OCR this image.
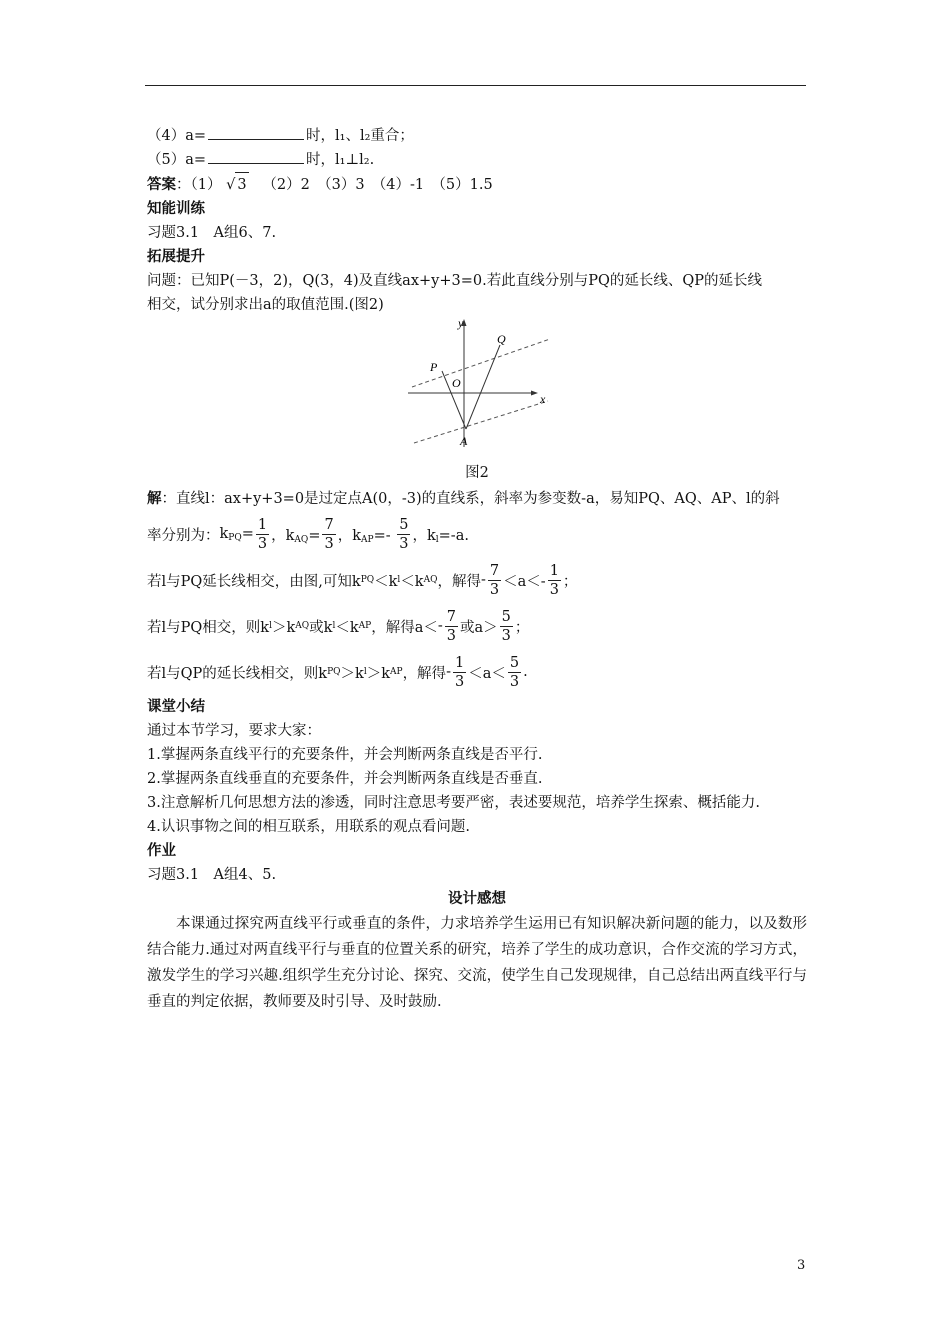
（4）a=	时，l₁、l₂重合；
（5）a=	时，l₁⊥l₂.
答案：（1） √ 3 （2）2　（3）3　（4）-1　（5）1.5
知能训练
习题3.1　A组6、7.
拓展提升
问题：已知P(－3，2)，Q(3，4)及直线ax+y+3=0.若此直线分别与PQ的延长线、QP的延长线
相交，试分别求出a的取值范围.(图2)
y
x
P
Q
O
A
图2
解：直线l：ax+y+3=0是过定点A(0，-3)的直线系，斜率为参变数-a，易知PQ、AQ、AP、l的斜
率分别为： $k_{PQ}= \frac{1}{3}$ ，$k_{AQ}= \frac{7}{3}$ ，$k_{AP}=- \frac{5}{3}$ ，$k_l=-a$.
若l与PQ延长线相交，由图,可知k PQ ＜k l ＜k AQ ，解得 - $\frac{7}{3} <a<- \frac{1}{3}$ ；
若l与PQ相交，则k l ＞k AQ 或k l ＜k AP ，解得$a< - \frac{7}{3}$ 或$a> \frac{5}{3}$ ；
若l与QP的延长线相交，则k PQ ＞k l ＞k AP ，解得 - $\frac{1}{3} <a< \frac{5}{3}$ .
课堂小结
通过本节学习，要求大家：
1.掌握两条直线平行的充要条件，并会判断两条直线是否平行.
2.掌握两条直线垂直的充要条件，并会判断两条直线是否垂直.
3.注意解析几何思想方法的渗透，同时注意思考要严密，表述要规范，培养学生探索、概括能力.
4.认识事物之间的相互联系，用联系的观点看问题.
作业
习题3.1　A组4、5.
设计感想
本课通过探究两直线平行或垂直的条件，力求培养学生运用已有知识解决新问题的能力，以及数形结合能力.通过对两直线平行与垂直的位置关系的研究，培养了学生的成功意识，合作交流的学习方式，激发学生的学习兴趣.组织学生充分讨论、探究、交流，使学生自己发现规律，自己总结出两直线平行与垂直的判定依据，教师要及时引导、及时鼓励.
3
